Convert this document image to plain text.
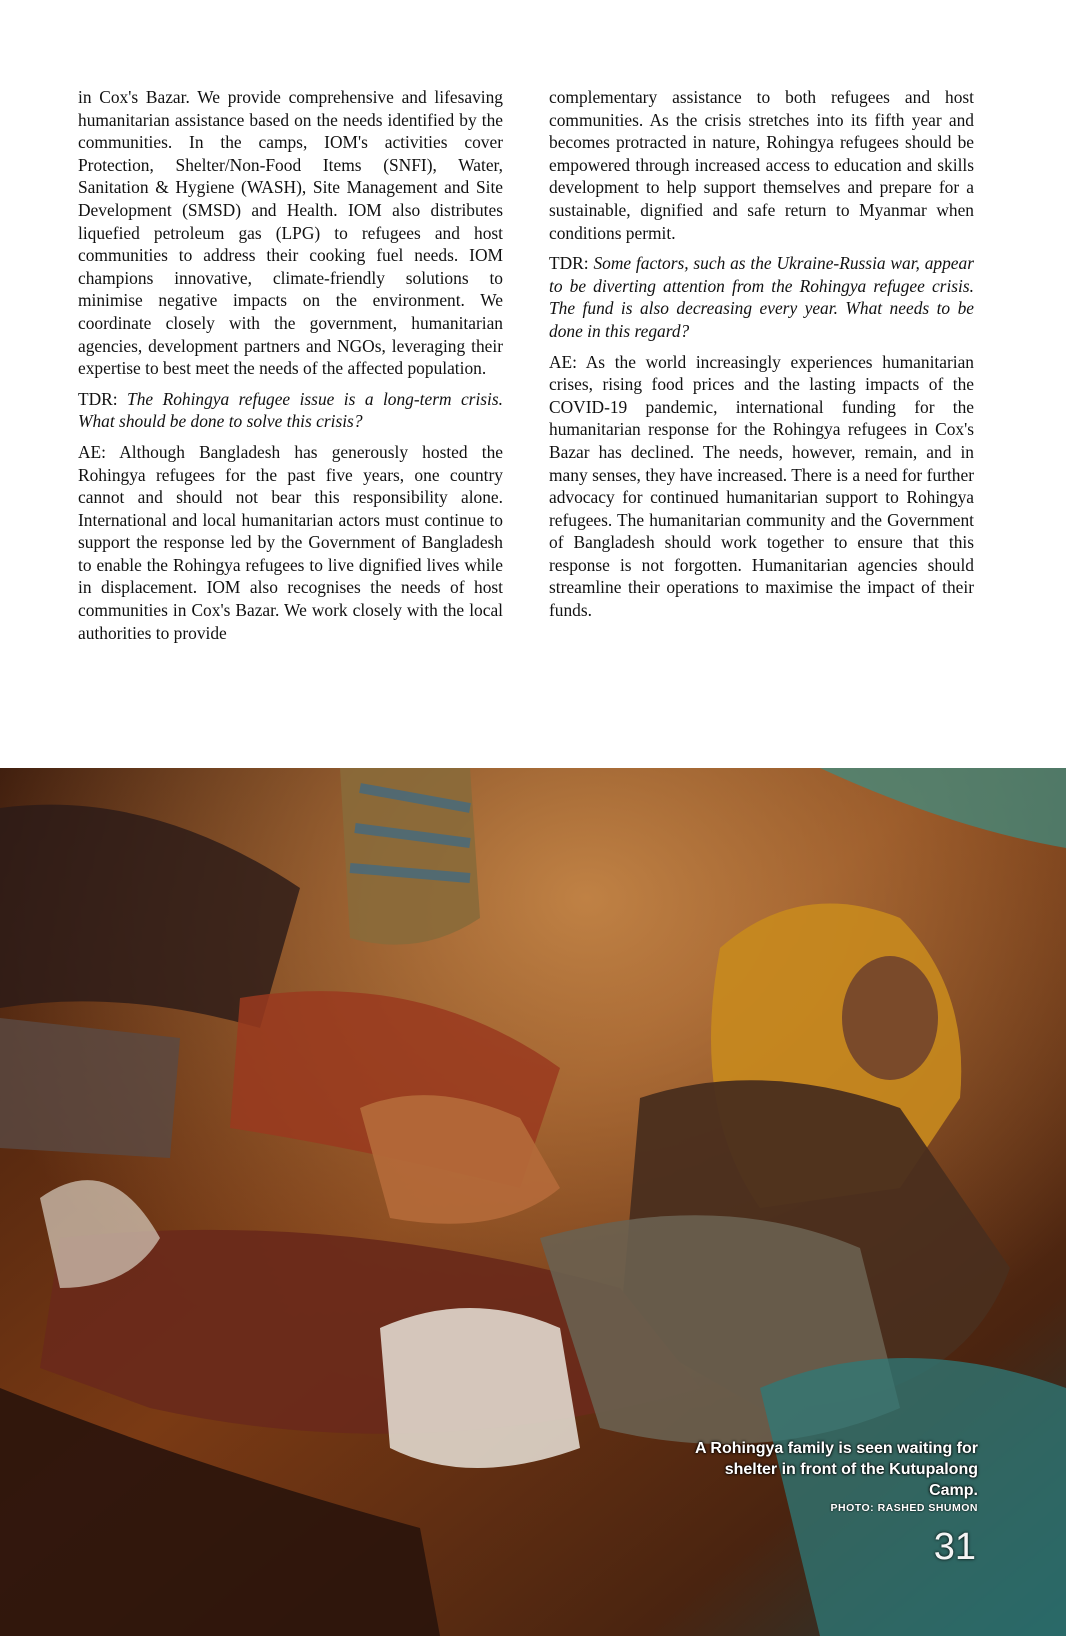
in Cox's Bazar. We provide comprehensive and lifesaving humanitarian assistance based on the needs identified by the communities. In the camps, IOM's activities cover Protection, Shelter/Non-Food Items (SNFI), Water, Sanitation & Hygiene (WASH), Site Management and Site Development (SMSD) and Health. IOM also distributes liquefied petroleum gas (LPG) to refugees and host communities to address their cooking fuel needs. IOM champions innovative, climate-friendly solutions to minimise negative impacts on the environment. We coordinate closely with the government, humanitarian agencies, development partners and NGOs, leveraging their expertise to best meet the needs of the affected population.

TDR: The Rohingya refugee issue is a long-term crisis. What should be done to solve this crisis?

AE: Although Bangladesh has generously hosted the Rohingya refugees for the past five years, one country cannot and should not bear this responsibility alone. International and local humanitarian actors must continue to support the response led by the Government of Bangladesh to enable the Rohingya refugees to live dignified lives while in displacement. IOM also recognises the needs of host communities in Cox's Bazar. We work closely with the local authorities to provide

complementary assistance to both refugees and host communities. As the crisis stretches into its fifth year and becomes protracted in nature, Rohingya refugees should be empowered through increased access to education and skills development to help support themselves and prepare for a sustainable, dignified and safe return to Myanmar when conditions permit.

TDR: Some factors, such as the Ukraine-Russia war, appear to be diverting attention from the Rohingya refugee crisis. The fund is also decreasing every year. What needs to be done in this regard?

AE: As the world increasingly experiences humanitarian crises, rising food prices and the lasting impacts of the COVID-19 pandemic, international funding for the humanitarian response for the Rohingya refugees in Cox's Bazar has declined. The needs, however, remain, and in many senses, they have increased. There is a need for further advocacy for continued humanitarian support to Rohingya refugees. The humanitarian community and the Government of Bangladesh should work together to ensure that this response is not forgotten. Humanitarian agencies should streamline their operations to maximise the impact of their funds.

A Rohingya family is seen waiting for shelter in front of the Kutupalong Camp.
PHOTO: RASHED SHUMON
31
